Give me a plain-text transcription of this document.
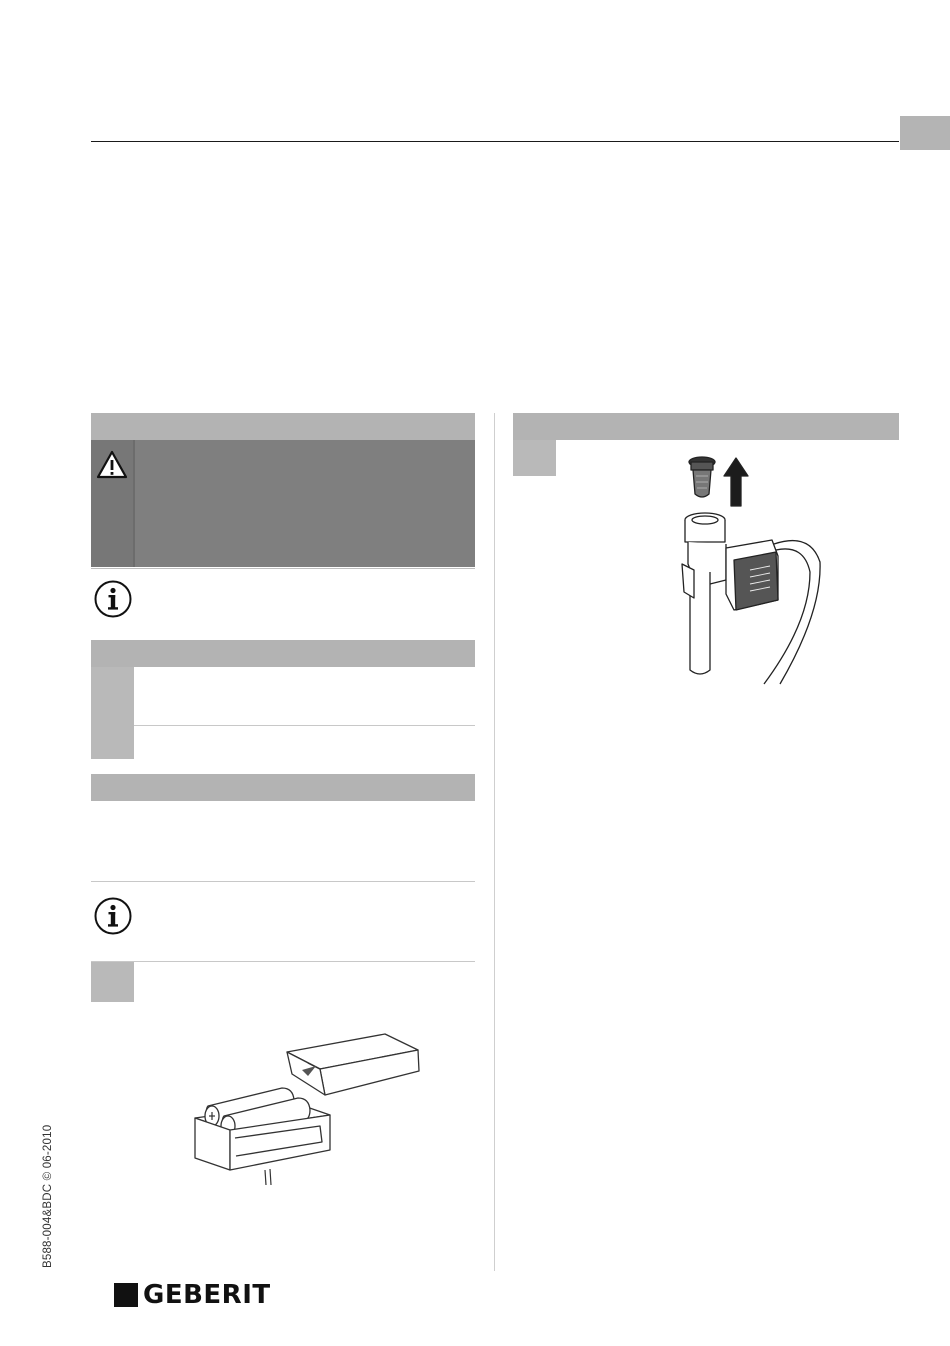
B588-004&BDC © 06-2010
GEBERIT
